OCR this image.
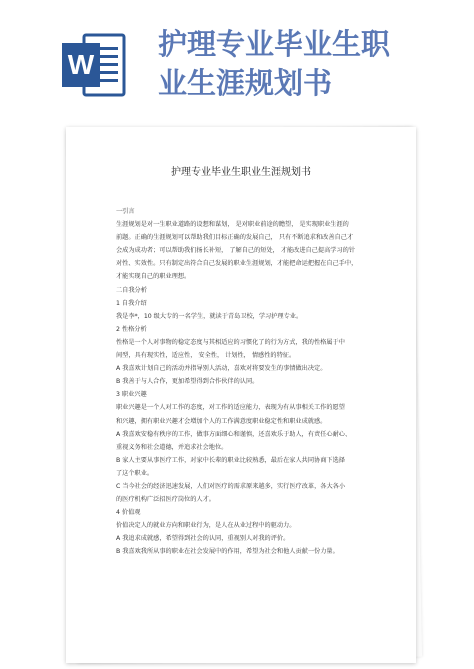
W
护理专业毕业生职
业生涯规划书
护理专业毕业生职业生涯规划书

一引言

生涯规划是对一生职业道路的设想和谋划， 是对职业前途的瞻望， 是实现职业生涯的

前题。正确的生涯规划可以帮助我们目标正确的发展自己， 只有不断追求和改善自己才

会成为成功者；可以帮助我们扬长补短， 了解自己的短处， 才能改进自己提高学习的针

对性、实效性。只有制定出符合自己发展的职业生涯规划，才能把命运把握在自己手中，

才能实现自己的职业理想。

二自我分析

1 自我介绍

我是李*，10 级大专的一名学生，就读于青岛卫校，学习护理专业。

2 性格分析

性格是一个人对事物的稳定态度与其相适应的习惯化了的行为方式，我的性格属于中

间型，具有现实性，适应性， 安全性， 计划性， 情感性的特征。

A 我喜欢计划自己的活动并指导别人活动，喜欢对将要发生的事情做出决定。

B 我善于与人合作，更加希望得到合作伙伴的认同。

3 职业兴趣

职业兴趣是一个人对工作的态度，对工作的适应能力，表现为有从事相关工作的愿望

和兴趣，拥有职业兴趣才会增加个人的工作满意度职业稳定性和职业成就感。

A 我喜欢安稳有秩序的工作，做事方面细心和谨慎，还喜欢乐于助人，有责任心耐心、

重视义务和社会道德，并追求社会地位。

B 家人主要从事医疗工作，对家中长辈的职业比较熟悉，最后在家人共同协商下选择

了这个职业。

C 当今社会的经济迅速发展，人们对医疗的需求原来越多，实行医疗改革，各大各小

的医疗机构广泛招医疗岗位的人才。

4 价值观

价值决定人的就业方向和职业行为，是人在从业过程中的驱动力。

A 我追求成就感，希望得到社会的认同，重视别人对我的评价。

B 我喜欢我所从事的职业在社会发展中的作用，希望为社会和他人贡献一份力量。
